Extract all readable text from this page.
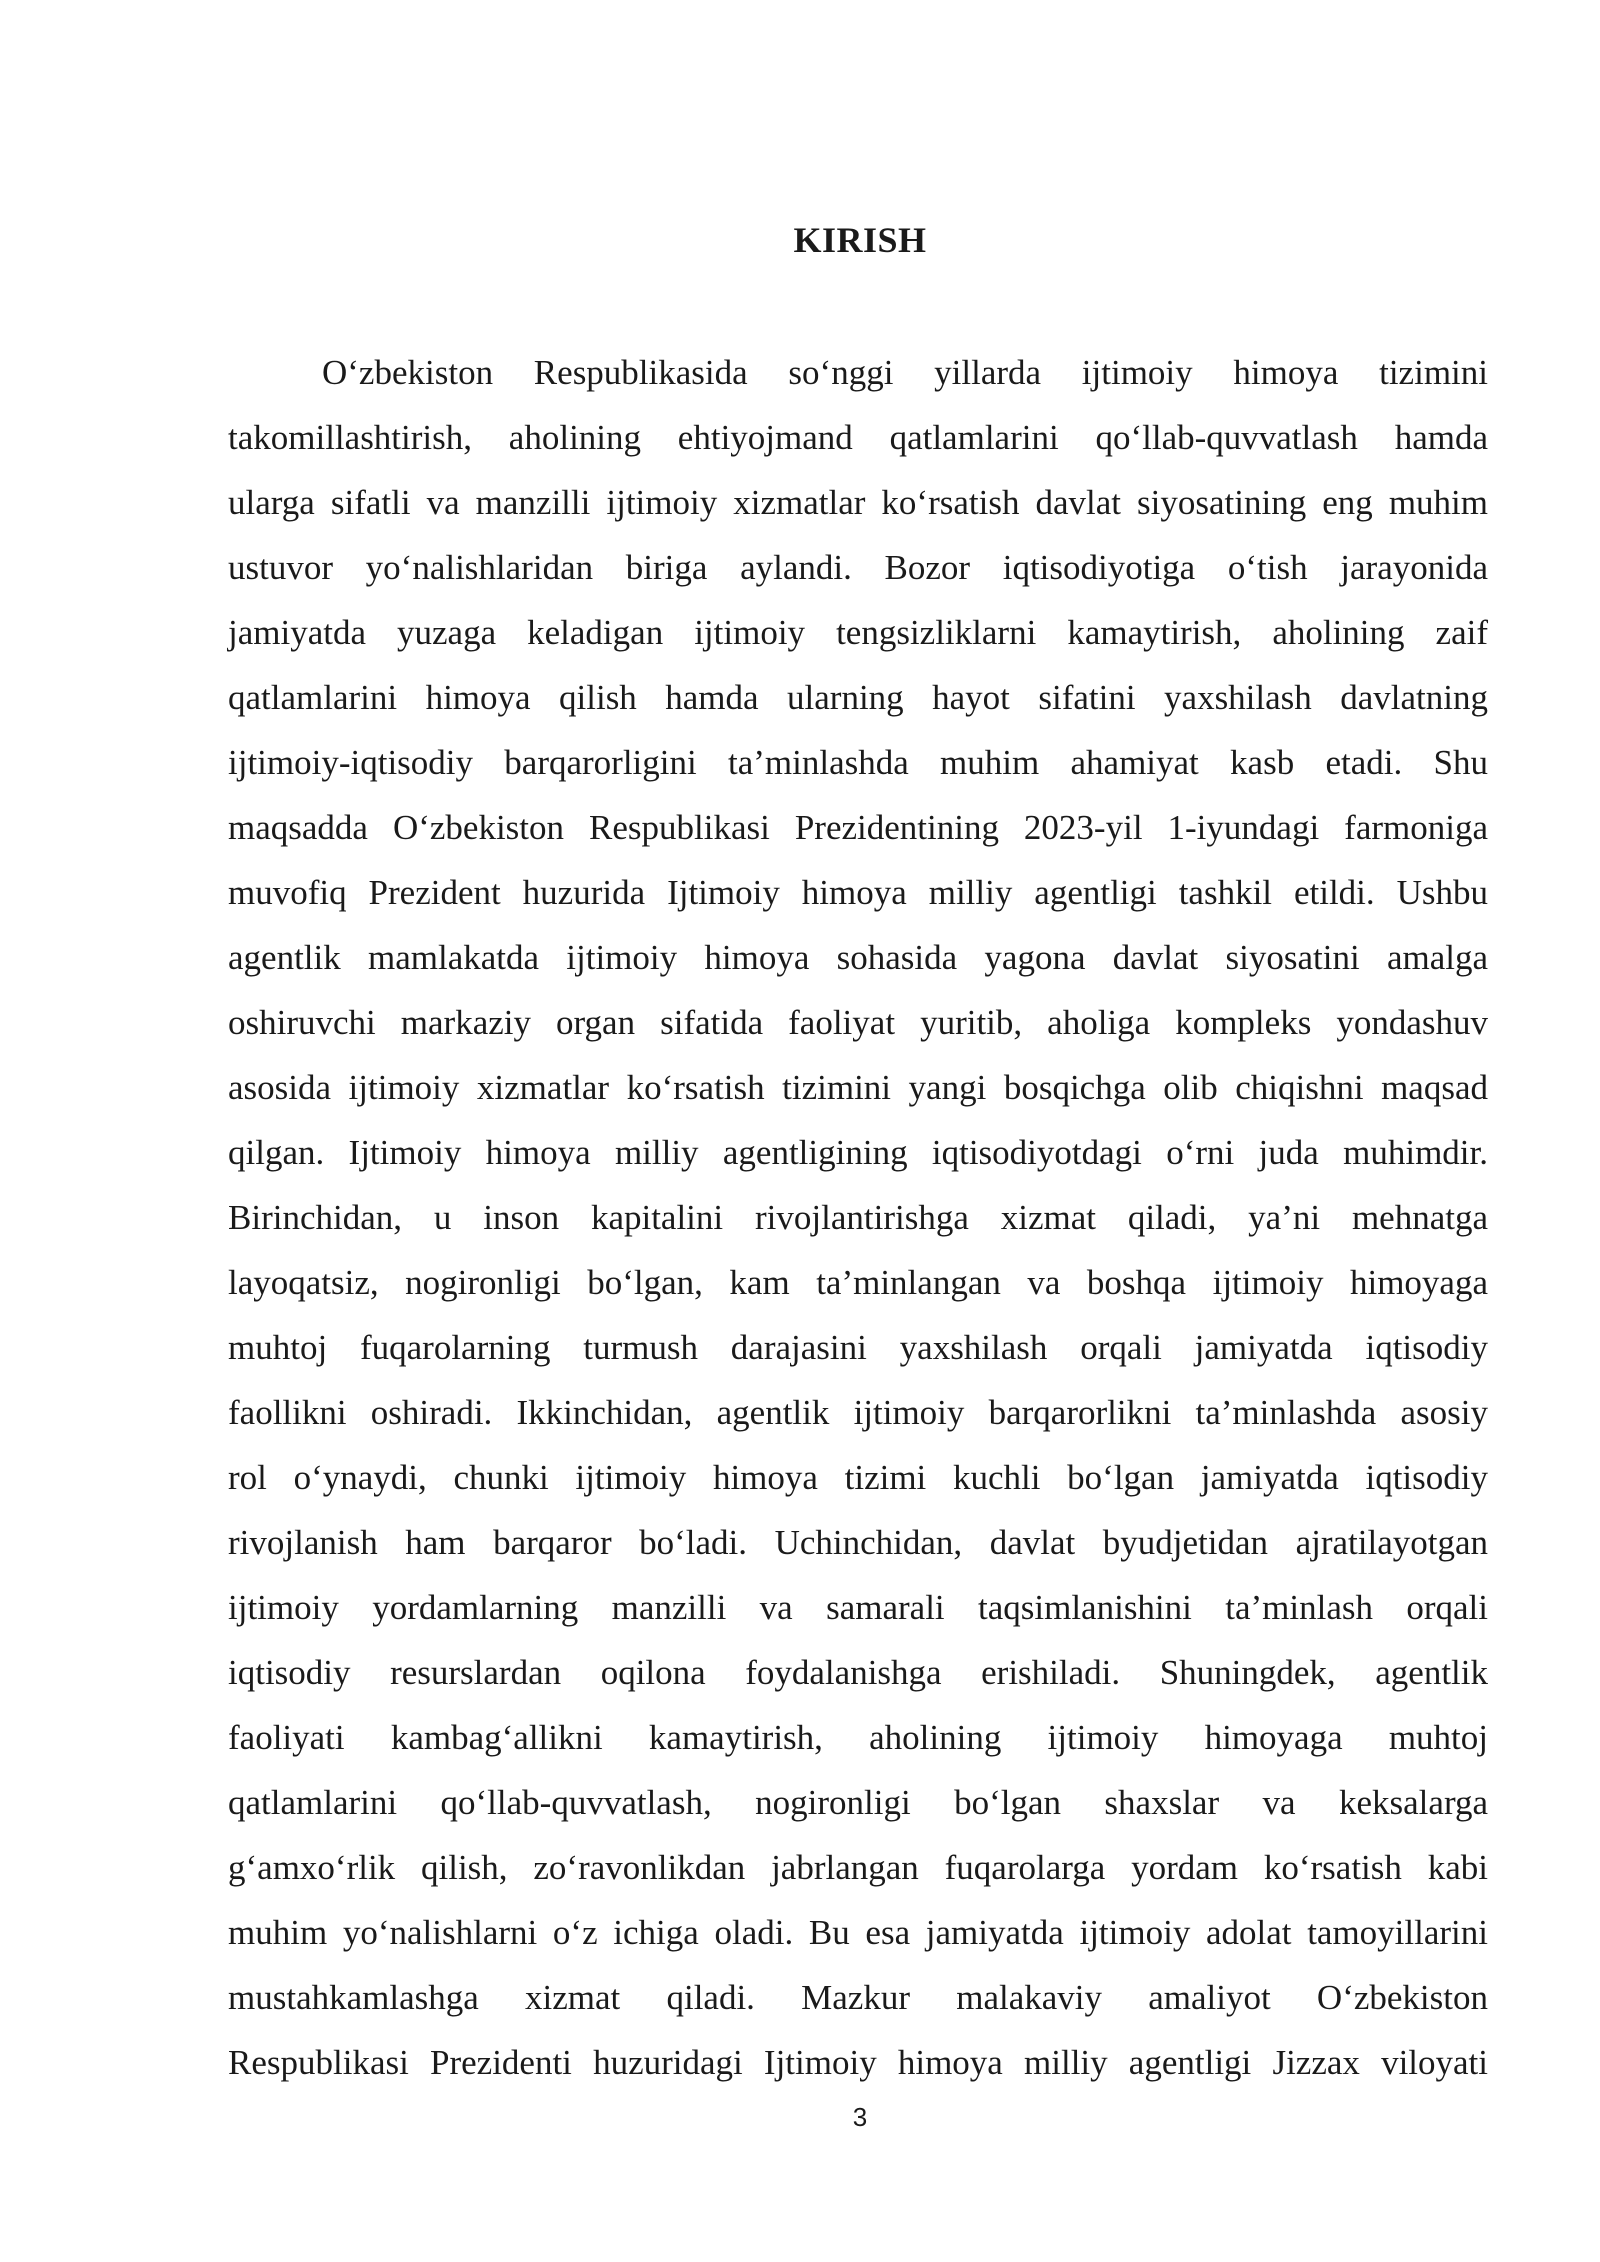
KIRISH
O‘zbekiston Respublikasida so‘nggi yillarda ijtimoiy himoya tizimini
takomillashtirish, aholining ehtiyojmand qatlamlarini qo‘llab-quvvatlash hamda
ularga sifatli va manzilli ijtimoiy xizmatlar ko‘rsatish davlat siyosatining eng muhim
ustuvor yo‘nalishlaridan biriga aylandi. Bozor iqtisodiyotiga o‘tish jarayonida
jamiyatda yuzaga keladigan ijtimoiy tengsizliklarni kamaytirish, aholining zaif
qatlamlarini himoya qilish hamda ularning hayot sifatini yaxshilash davlatning
ijtimoiy-iqtisodiy barqarorligini ta’minlashda muhim ahamiyat kasb etadi. Shu
maqsadda O‘zbekiston Respublikasi Prezidentining 2023-yil 1-iyundagi farmoniga
muvofiq Prezident huzurida Ijtimoiy himoya milliy agentligi tashkil etildi. Ushbu
agentlik mamlakatda ijtimoiy himoya sohasida yagona davlat siyosatini amalga
oshiruvchi markaziy organ sifatida faoliyat yuritib, aholiga kompleks yondashuv
asosida ijtimoiy xizmatlar ko‘rsatish tizimini yangi bosqichga olib chiqishni maqsad
qilgan. Ijtimoiy himoya milliy agentligining iqtisodiyotdagi o‘rni juda muhimdir.
Birinchidan, u inson kapitalini rivojlantirishga xizmat qiladi, ya’ni mehnatga
layoqatsiz, nogironligi bo‘lgan, kam ta’minlangan va boshqa ijtimoiy himoyaga
muhtoj fuqarolarning turmush darajasini yaxshilash orqali jamiyatda iqtisodiy
faollikni oshiradi. Ikkinchidan, agentlik ijtimoiy barqarorlikni ta’minlashda asosiy
rol o‘ynaydi, chunki ijtimoiy himoya tizimi kuchli bo‘lgan jamiyatda iqtisodiy
rivojlanish ham barqaror bo‘ladi. Uchinchidan, davlat byudjetidan ajratilayotgan
ijtimoiy yordamlarning manzilli va samarali taqsimlanishini ta’minlash orqali
iqtisodiy resurslardan oqilona foydalanishga erishiladi. Shuningdek, agentlik
faoliyati kambag‘allikni kamaytirish, aholining ijtimoiy himoyaga muhtoj
qatlamlarini qo‘llab-quvvatlash, nogironligi bo‘lgan shaxslar va keksalarga
g‘amxo‘rlik qilish, zo‘ravonlikdan jabrlangan fuqarolarga yordam ko‘rsatish kabi
muhim yo‘nalishlarni o‘z ichiga oladi. Bu esa jamiyatda ijtimoiy adolat tamoyillarini
mustahkamlashga xizmat qiladi. Mazkur malakaviy amaliyot O‘zbekiston
Respublikasi Prezidenti huzuridagi Ijtimoiy himoya milliy agentligi Jizzax viloyati
3
